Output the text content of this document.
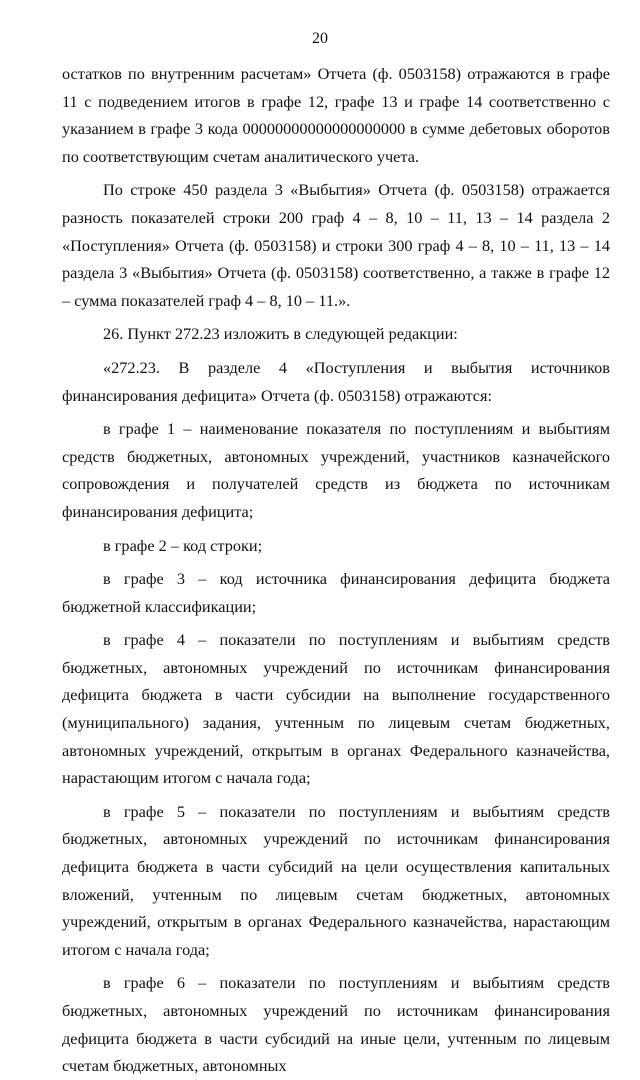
20

остатков по внутренним расчетам» Отчета (ф. 0503158) отражаются в графе 11 с подведением итогов в графе 12, графе 13 и графе 14 соответственно с указанием в графе 3 кода 00000000000000000000 в сумме дебетовых оборотов по соответствующим счетам аналитического учета.

По строке 450 раздела 3 «Выбытия» Отчета (ф. 0503158) отражается разность показателей строки 200 граф 4 – 8, 10 – 11, 13 – 14 раздела 2 «Поступления» Отчета (ф. 0503158) и строки 300 граф 4 – 8, 10 – 11, 13 – 14 раздела 3 «Выбытия» Отчета (ф. 0503158) соответственно, а также в графе 12 – сумма показателей граф 4 – 8, 10 – 11.».

26. Пункт 272.23 изложить в следующей редакции:

«272.23. В разделе 4 «Поступления и выбытия источников финансирования дефицита» Отчета (ф. 0503158) отражаются:

в графе 1 – наименование показателя по поступлениям и выбытиям средств бюджетных, автономных учреждений, участников казначейского сопровождения и получателей средств из бюджета по источникам финансирования дефицита;

в графе 2 – код строки;

в графе 3 – код источника финансирования дефицита бюджета бюджетной классификации;

в графе 4 – показатели по поступлениям и выбытиям средств бюджетных, автономных учреждений по источникам финансирования дефицита бюджета в части субсидии на выполнение государственного (муниципального) задания, учтенным по лицевым счетам бюджетных, автономных учреждений, открытым в органах Федерального казначейства, нарастающим итогом с начала года;

в графе 5 – показатели по поступлениям и выбытиям средств бюджетных, автономных учреждений по источникам финансирования дефицита бюджета в части субсидий на цели осуществления капитальных вложений, учтенным по лицевым счетам бюджетных, автономных учреждений, открытым в органах Федерального казначейства, нарастающим итогом с начала года;

в графе 6 – показатели по поступлениям и выбытиям средств бюджетных, автономных учреждений по источникам финансирования дефицита бюджета в части субсидий на иные цели, учтенным по лицевым счетам бюджетных, автономных
